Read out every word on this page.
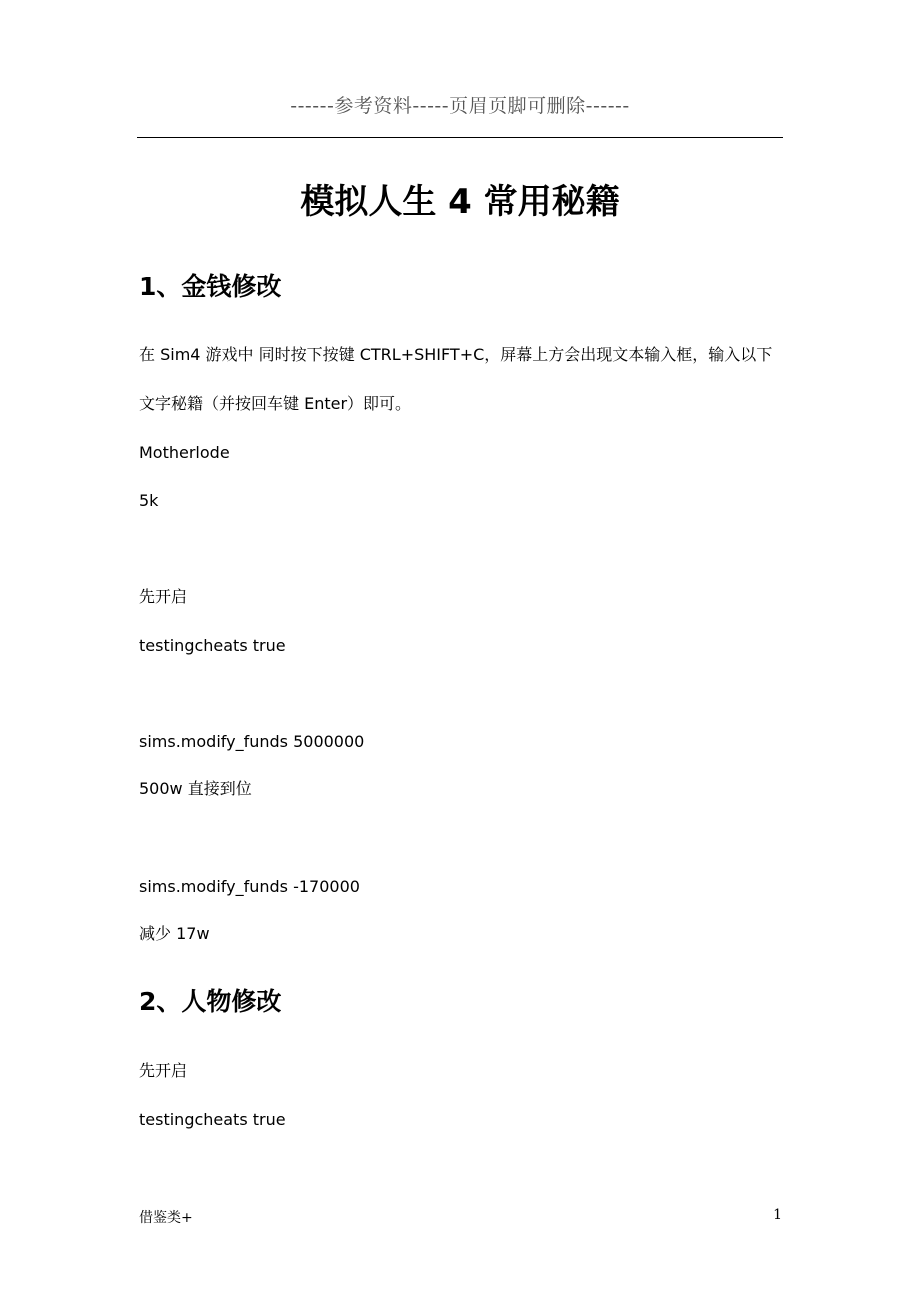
------参考资料-----页眉页脚可删除------
模拟人生 4 常用秘籍
1、金钱修改
在 Sim4 游戏中 同时按下按键 CTRL+SHIFT+C，屏幕上方会出现文本输入框，输入以下
文字秘籍（并按回车键 Enter）即可。
Motherlode
5k
先开启
testingcheats true
sims.modify_funds 5000000
500w 直接到位
sims.modify_funds -170000
减少 17w
2、人物修改
先开启
testingcheats true
借鉴类+	1
